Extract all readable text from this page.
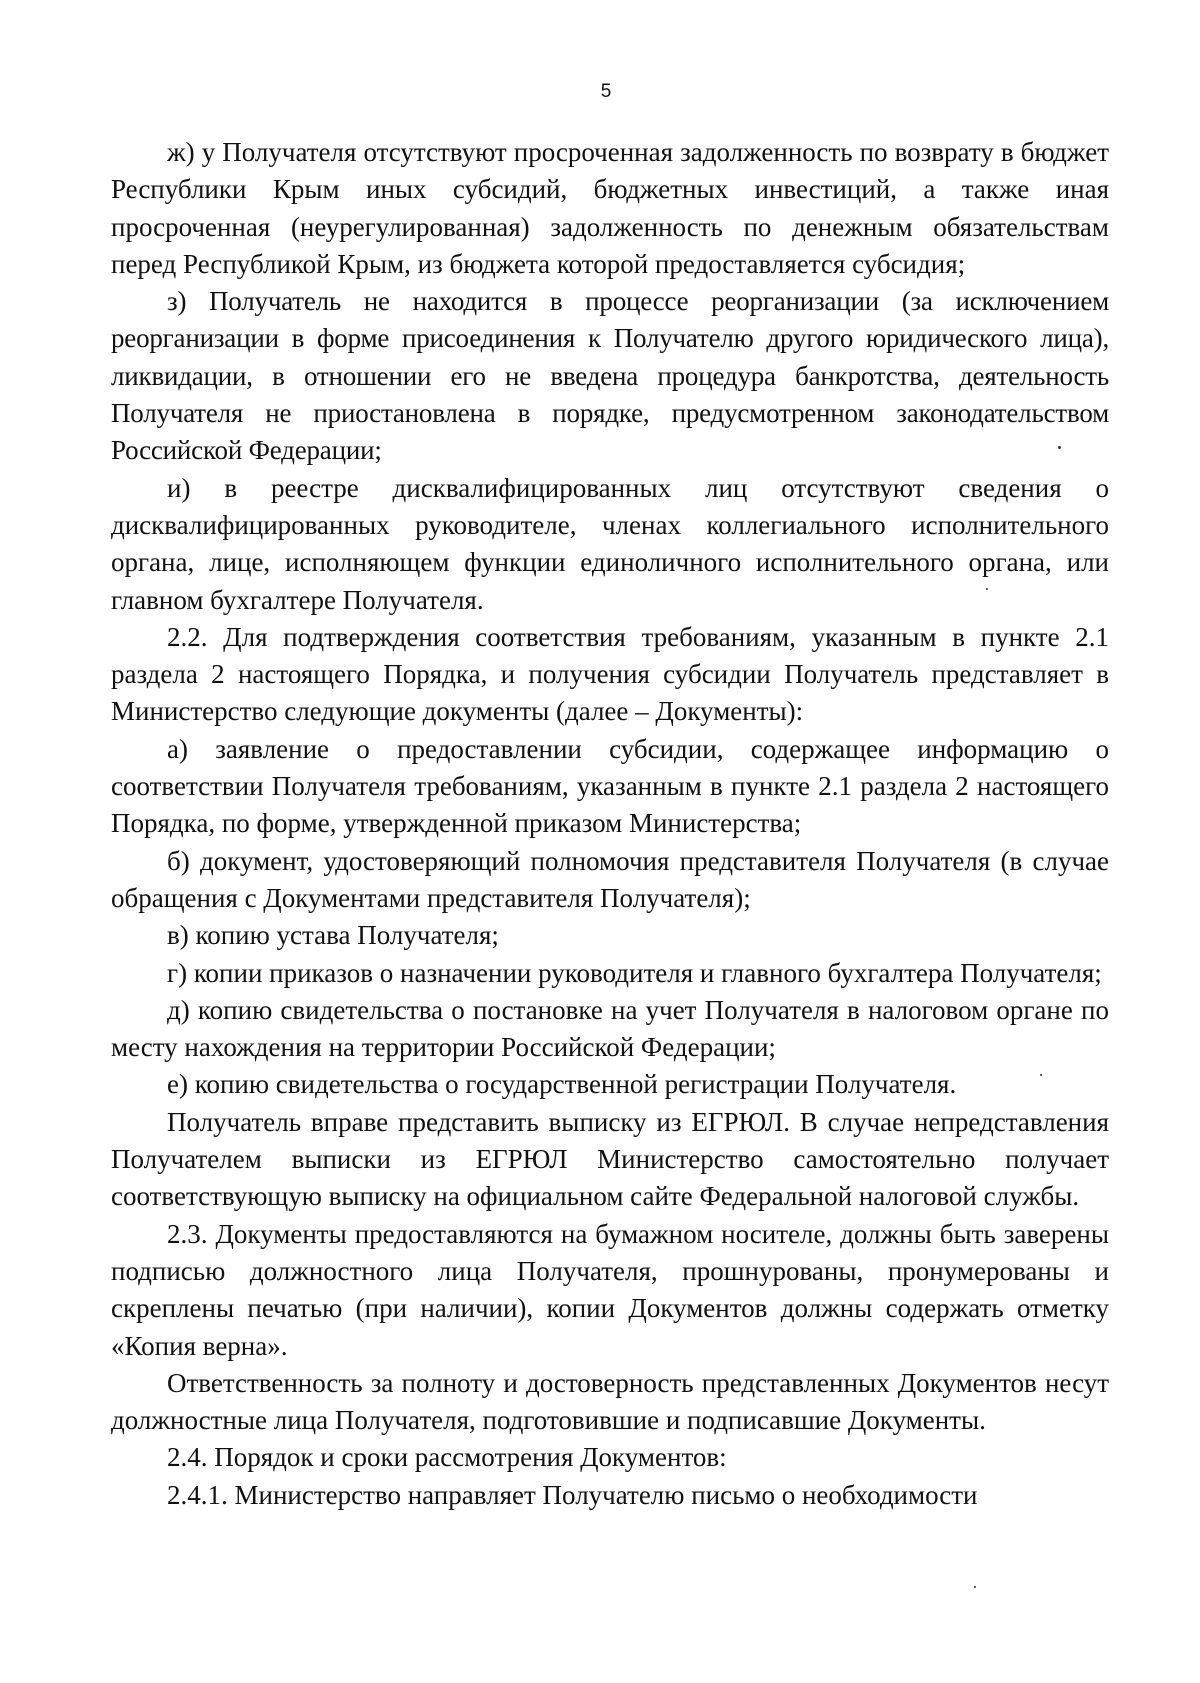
5

ж) у Получателя отсутствуют просроченная задолженность по возврату в бюджет Республики Крым иных субсидий, бюджетных инвестиций, а также иная просроченная (неурегулированная) задолженность по денежным обязательствам перед Республикой Крым, из бюджета которой предоставляется субсидия;

з) Получатель не находится в процессе реорганизации (за исключением реорганизации в форме присоединения к Получателю другого юридического лица), ликвидации, в отношении его не введена процедура банкротства, деятельность Получателя не приостановлена в порядке, предусмотренном законодательством Российской Федерации;

и) в реестре дисквалифицированных лиц отсутствуют сведения о дисквалифицированных руководителе, членах коллегиального исполнительного органа, лице, исполняющем функции единоличного исполнительного органа, или главном бухгалтере Получателя.

2.2. Для подтверждения соответствия требованиям, указанным в пункте 2.1 раздела 2 настоящего Порядка, и получения субсидии Получатель представляет в Министерство следующие документы (далее – Документы):

а) заявление о предоставлении субсидии, содержащее информацию о соответствии Получателя требованиям, указанным в пункте 2.1 раздела 2 настоящего Порядка, по форме, утвержденной приказом Министерства;

б) документ, удостоверяющий полномочия представителя Получателя (в случае обращения с Документами представителя Получателя);

в) копию устава Получателя;

г) копии приказов о назначении руководителя и главного бухгалтера Получателя;

д) копию свидетельства о постановке на учет Получателя в налоговом органе по месту нахождения на территории Российской Федерации;

е) копию свидетельства о государственной регистрации Получателя.

Получатель вправе представить выписку из ЕГРЮЛ. В случае непредставления Получателем выписки из ЕГРЮЛ Министерство самостоятельно получает соответствующую выписку на официальном сайте Федеральной налоговой службы.

2.3. Документы предоставляются на бумажном носителе, должны быть заверены подписью должностного лица Получателя, прошнурованы, пронумерованы и скреплены печатью (при наличии), копии Документов должны содержать отметку «Копия верна».

Ответственность за полноту и достоверность представленных Документов несут должностные лица Получателя, подготовившие и подписавшие Документы.

2.4. Порядок и сроки рассмотрения Документов:

2.4.1. Министерство направляет Получателю письмо о необходимости
